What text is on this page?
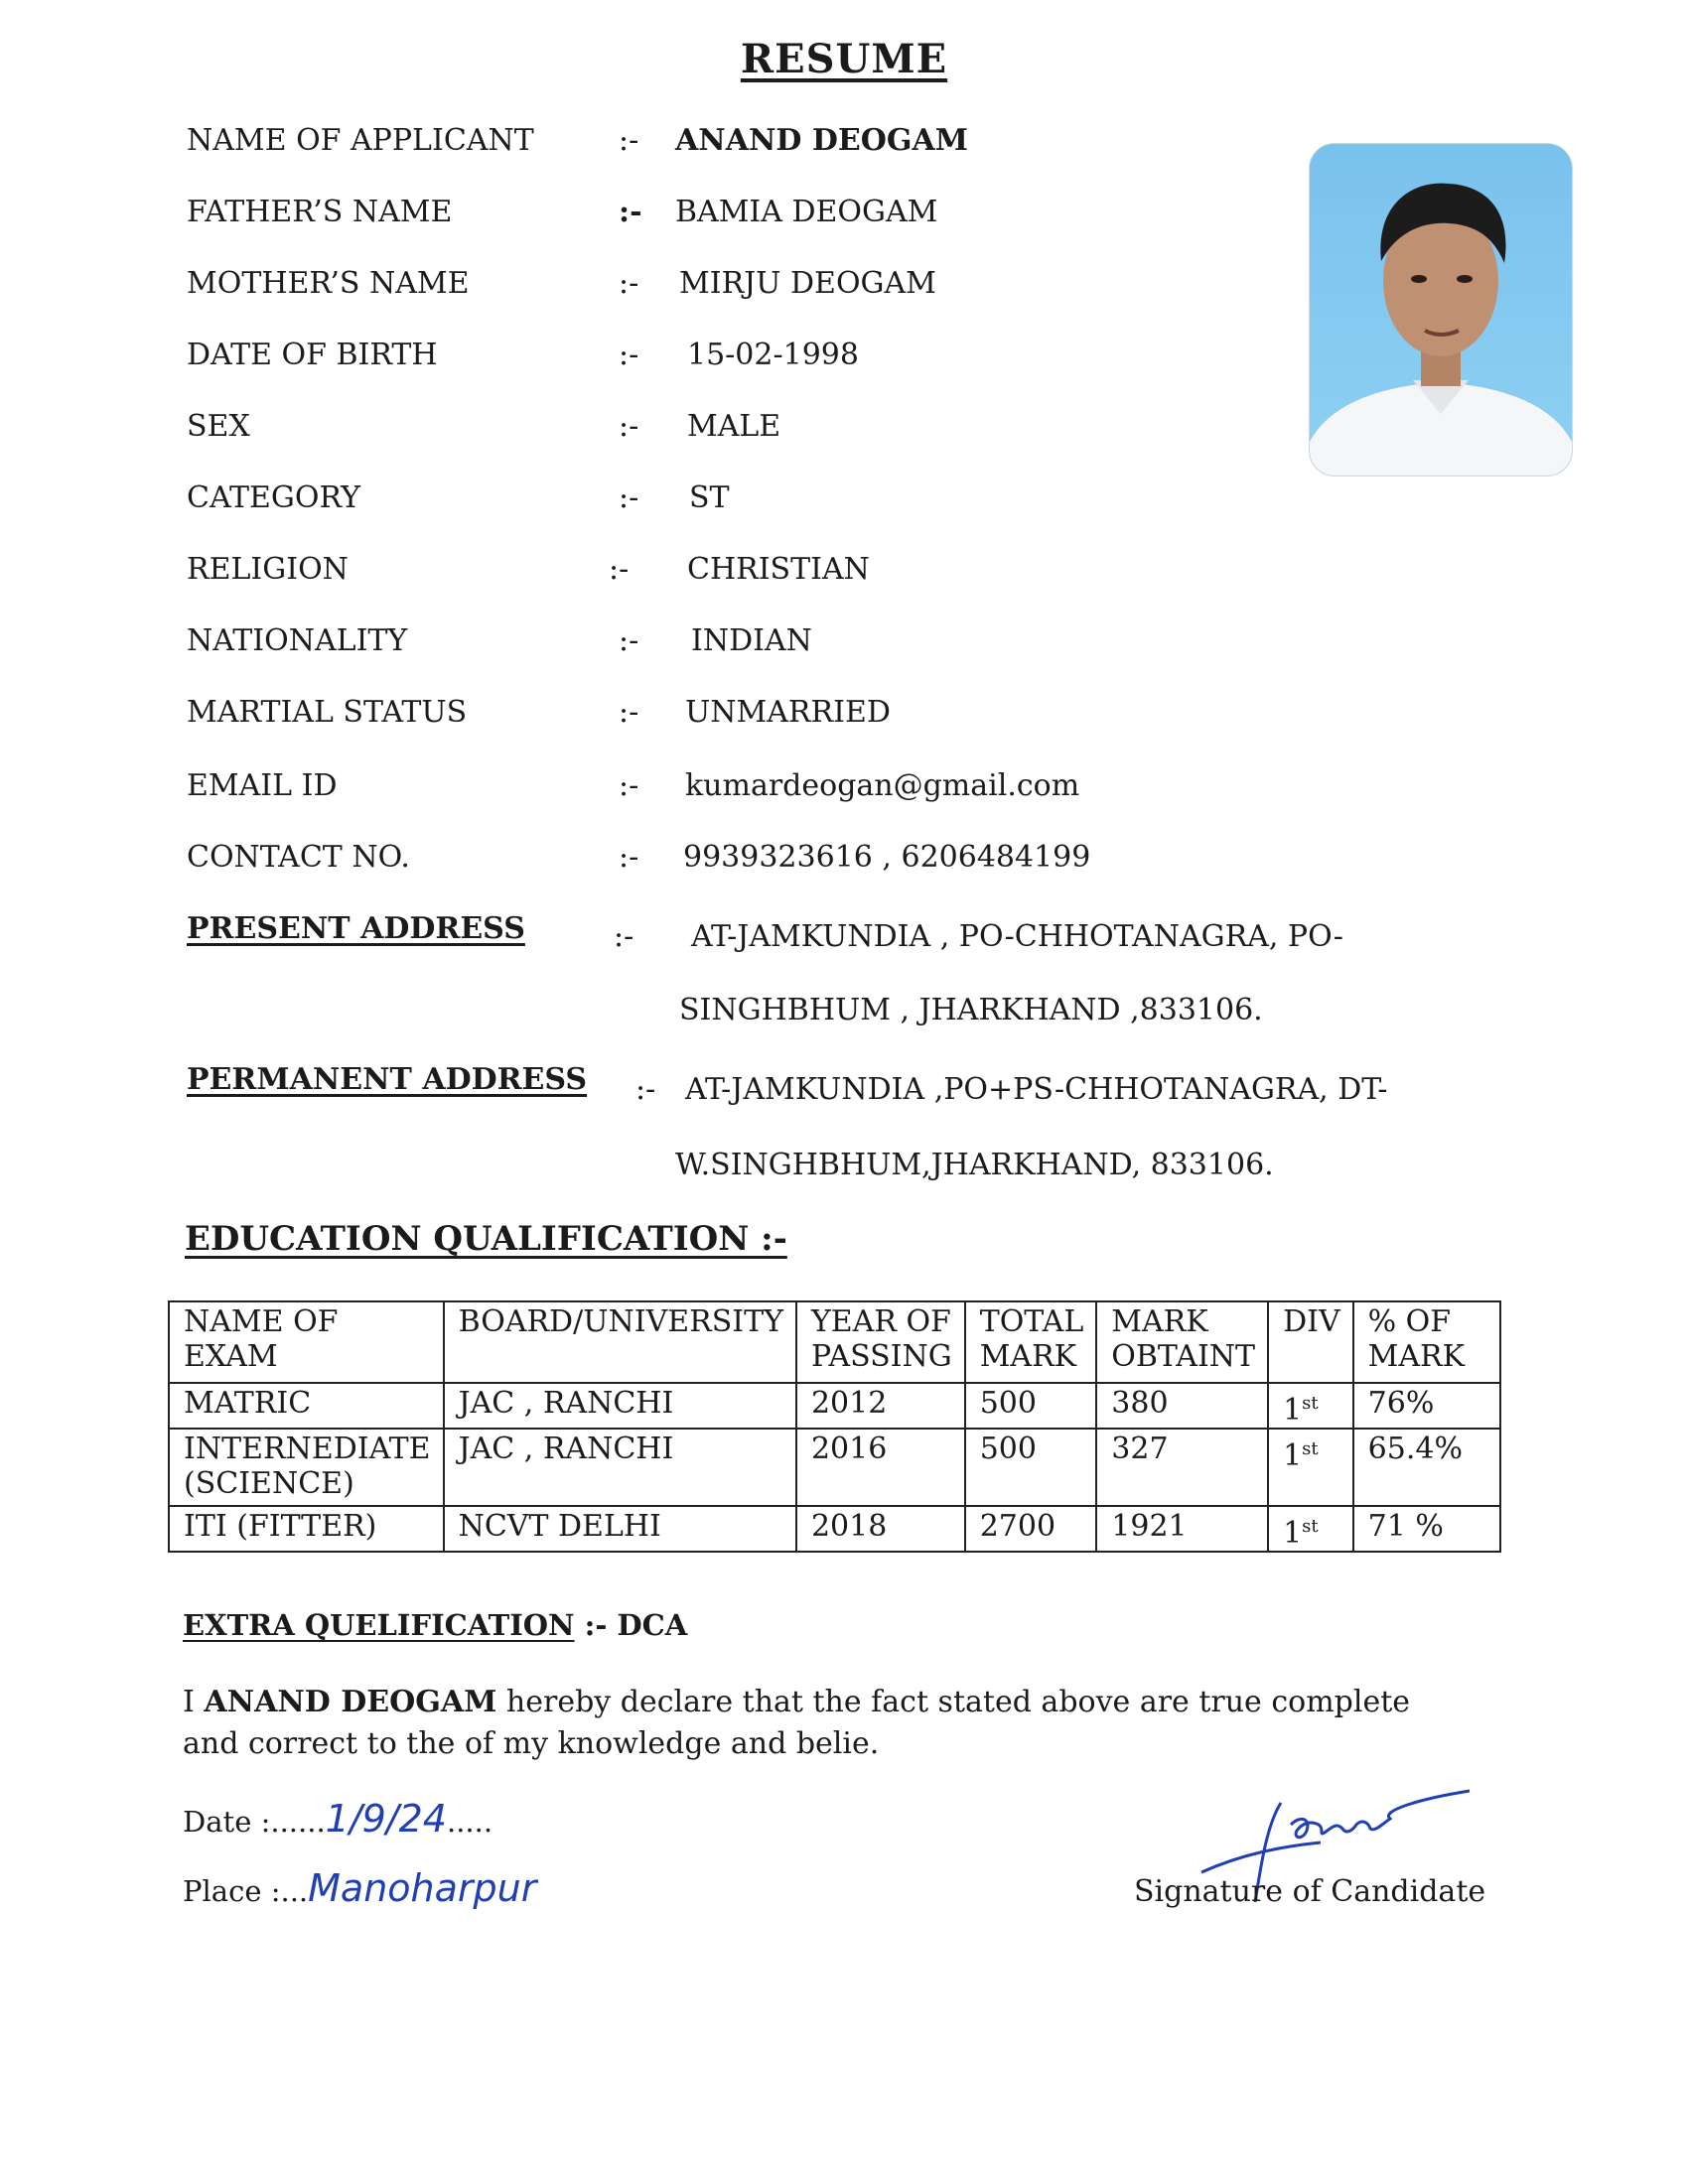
RESUME
NAME OF APPLICANT	:- ANAND DEOGAM
FATHER’S NAME	:- BAMIA DEOGAM
MOTHER’S NAME	:- MIRJU DEOGAM
DATE OF BIRTH	:- 15-02-1998
SEX	:- MALE
CATEGORY	:- ST
RELIGION	:- CHRISTIAN
NATIONALITY	:- INDIAN
MARTIAL STATUS	:- UNMARRIED
EMAIL ID	:- kumardeogan@gmail.com
CONTACT NO.	:- 9939323616 , 6206484199
PRESENT ADDRESS	:- AT-JAMKUNDIA , PO-CHHOTANAGRA, PO-
SINGHBHUM , JHARKHAND ,833106.
PERMANENT ADDRESS :- AT-JAMKUNDIA ,PO+PS-CHHOTANAGRA, DT-
W.SINGHBHUM,JHARKHAND, 833106.
EDUCATION QUALIFICATION :-
NAME OF EXAM	BOARD/UNIVERSITY	YEAR OF PASSING	TOTAL MARK	MARK OBTAINT	DIV	% OF MARK
MATRIC	JAC , RANCHI	2012	500	380	1st	76%
INTERNEDIATE (SCIENCE)	JAC , RANCHI	2016	500	327	1st	65.4%
ITI (FITTER)	NCVT DELHI	2018	2700	1921	1st	71 %
EXTRA QUELIFICATION :- DCA
I ANAND DEOGAM hereby declare that the fact stated above are true complete and correct to the of my knowledge and belie.
Date :......1/9/24.....
Place :...Manoharpur	Signature of Candidate
